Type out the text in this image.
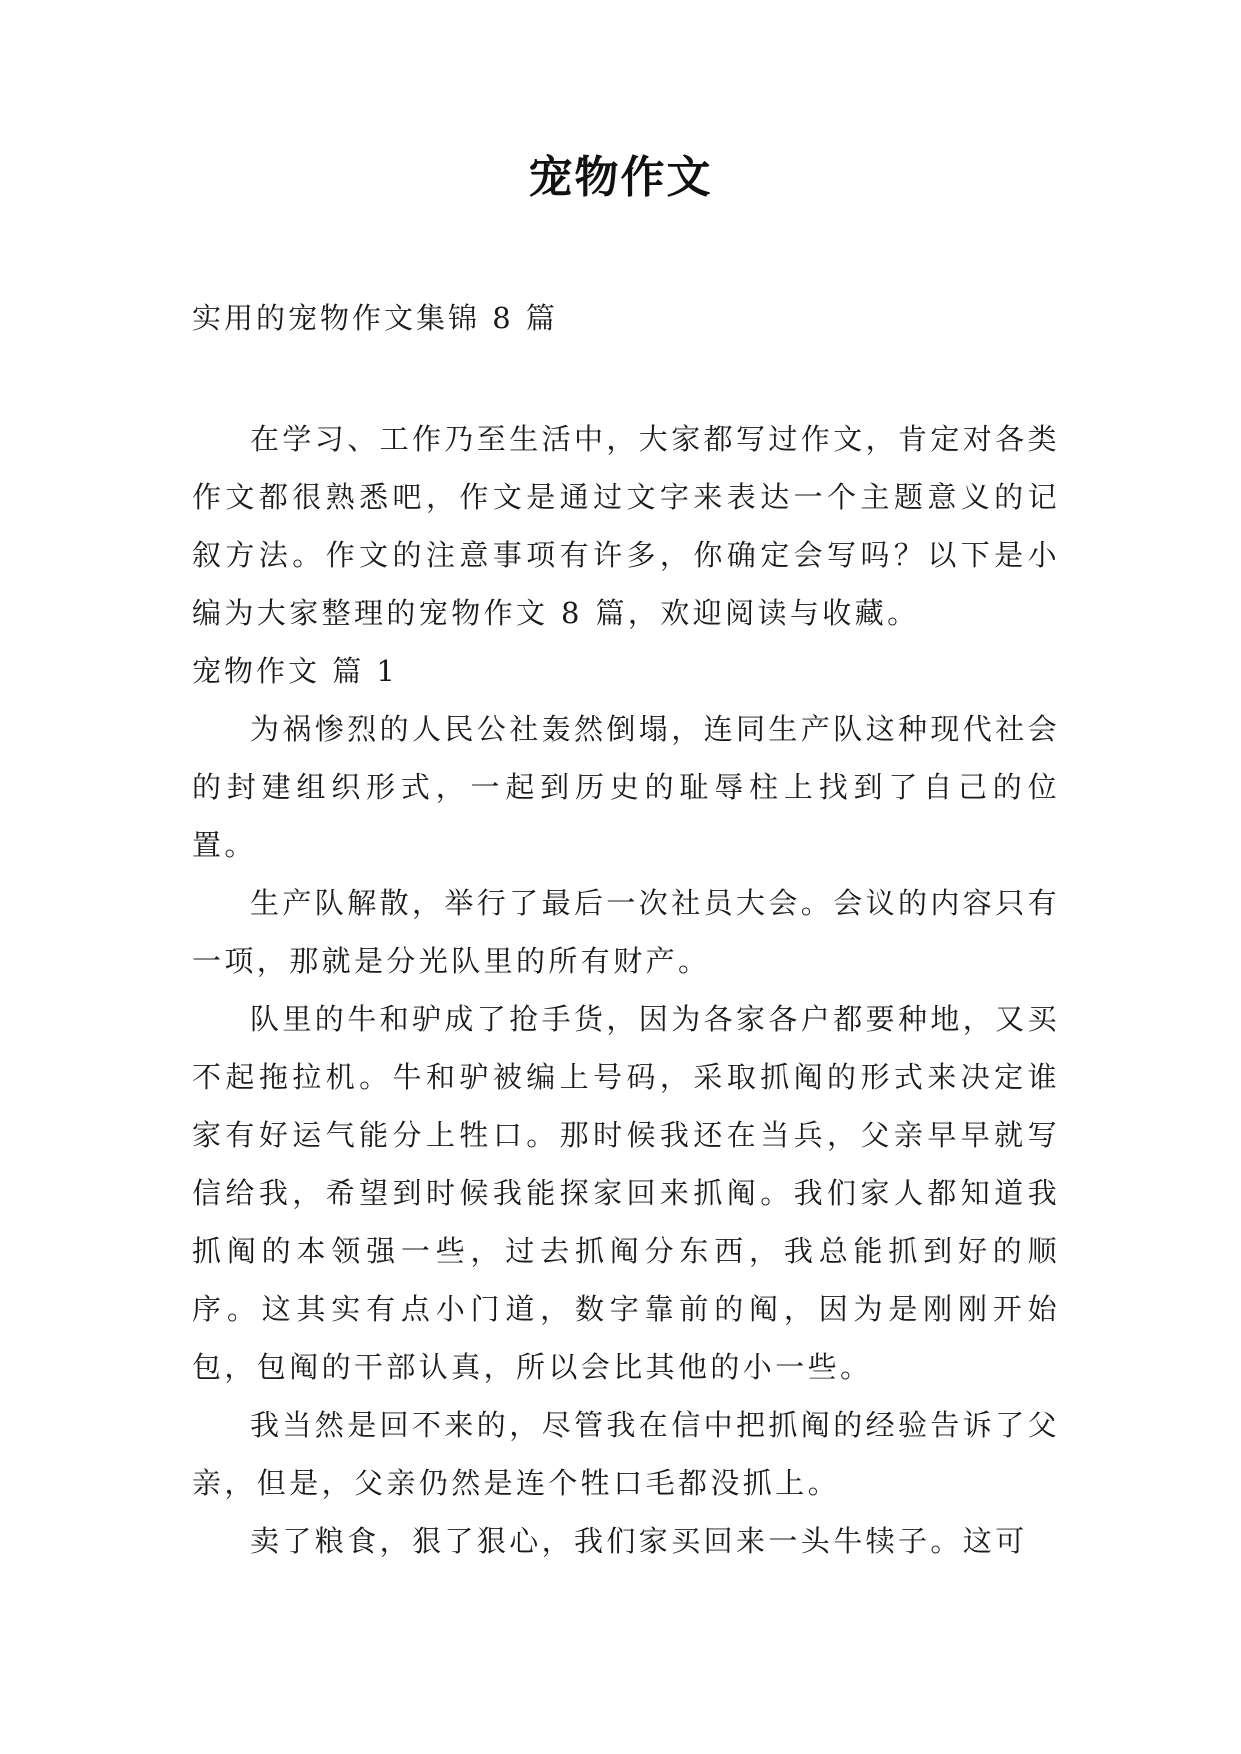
宠物作文
实用的宠物作文集锦 8 篇

在学习、工作乃至生活中，大家都写过作文，肯定对各类作文都很熟悉吧，作文是通过文字来表达一个主题意义的记叙方法。作文的注意事项有许多，你确定会写吗？以下是小编为大家整理的宠物作文 8 篇，欢迎阅读与收藏。

宠物作文 篇 1

为祸惨烈的人民公社轰然倒塌，连同生产队这种现代社会的封建组织形式，一起到历史的耻辱柱上找到了自己的位置。

生产队解散，举行了最后一次社员大会。会议的内容只有一项，那就是分光队里的所有财产。

队里的牛和驴成了抢手货，因为各家各户都要种地，又买不起拖拉机。牛和驴被编上号码，采取抓阄的形式来决定谁家有好运气能分上牲口。那时候我还在当兵，父亲早早就写信给我，希望到时候我能探家回来抓阄。我们家人都知道我抓阄的本领强一些，过去抓阄分东西，我总能抓到好的顺序。这其实有点小门道，数字靠前的阄，因为是刚刚开始包，包阄的干部认真，所以会比其他的小一些。

我当然是回不来的，尽管我在信中把抓阄的经验告诉了父亲，但是，父亲仍然是连个牲口毛都没抓上。

卖了粮食，狠了狠心，我们家买回来一头牛犊子。这可
